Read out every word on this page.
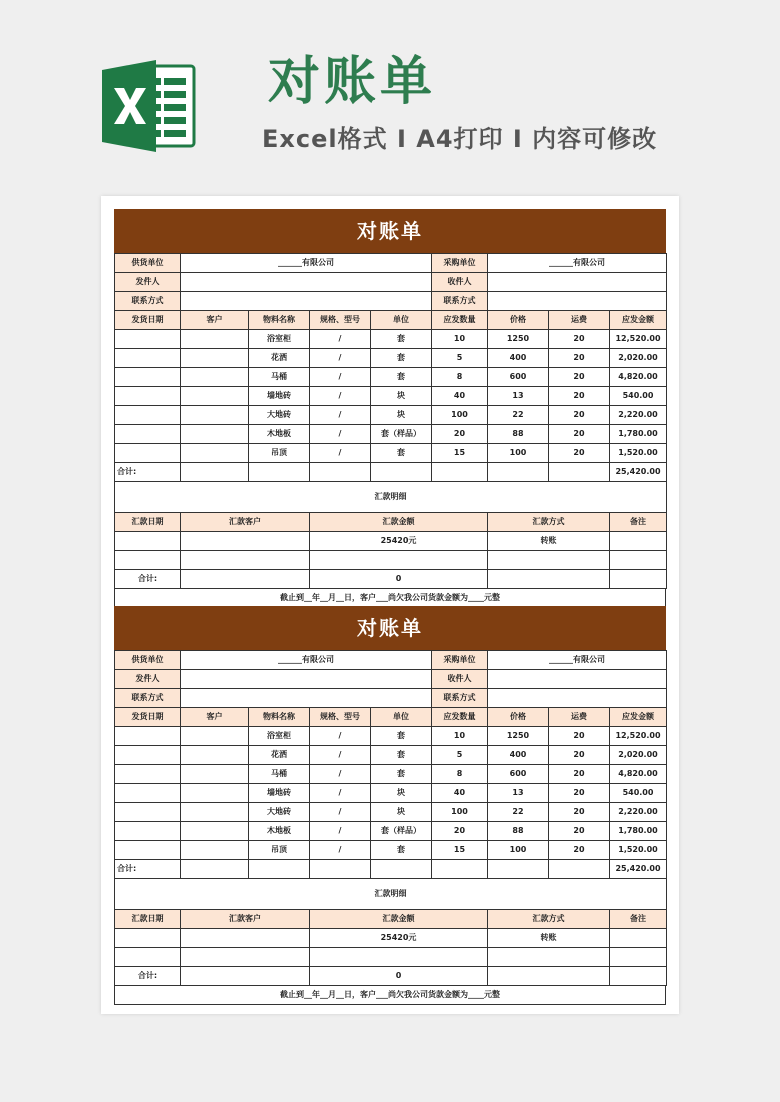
对账单
Excel格式 I A4打印 I 内容可修改
对账单
供货单位	______有限公司				采购单位	______有限公司		
发件人					收件人			
联系方式					联系方式			
发货日期	客户	物料名称	规格、型号	单位	应发数量	价格	运费	应发金额
		浴室柜	/	套	10	1250	20	12,520.00
		花洒	/	套	5	400	20	2,020.00
		马桶	/	套	8	600	20	4,820.00
		墙地砖	/	块	40	13	20	540.00
		大地砖	/	块	100	22	20	2,220.00
		木地板	/	套（样品）	20	88	20	1,780.00
		吊顶	/	套	15	100	20	1,520.00
合计:								25,420.00
汇款明细				
汇款日期	汇款客户	汇款金额	汇款方式	备注
		25420元	转账	

合计:		0		
截止到__年__月__日，客户___尚欠我公司货款金额为____元整
对账单
供货单位	______有限公司				采购单位	______有限公司		
发件人					收件人			
联系方式					联系方式			
发货日期	客户	物料名称	规格、型号	单位	应发数量	价格	运费	应发金额
		浴室柜	/	套	10	1250	20	12,520.00
		花洒	/	套	5	400	20	2,020.00
		马桶	/	套	8	600	20	4,820.00
		墙地砖	/	块	40	13	20	540.00
		大地砖	/	块	100	22	20	2,220.00
		木地板	/	套（样品）	20	88	20	1,780.00
		吊顶	/	套	15	100	20	1,520.00
合计:								25,420.00
汇款明细				
汇款日期	汇款客户	汇款金额	汇款方式	备注
		25420元	转账	

合计:		0		
截止到__年__月__日，客户___尚欠我公司货款金额为____元整
